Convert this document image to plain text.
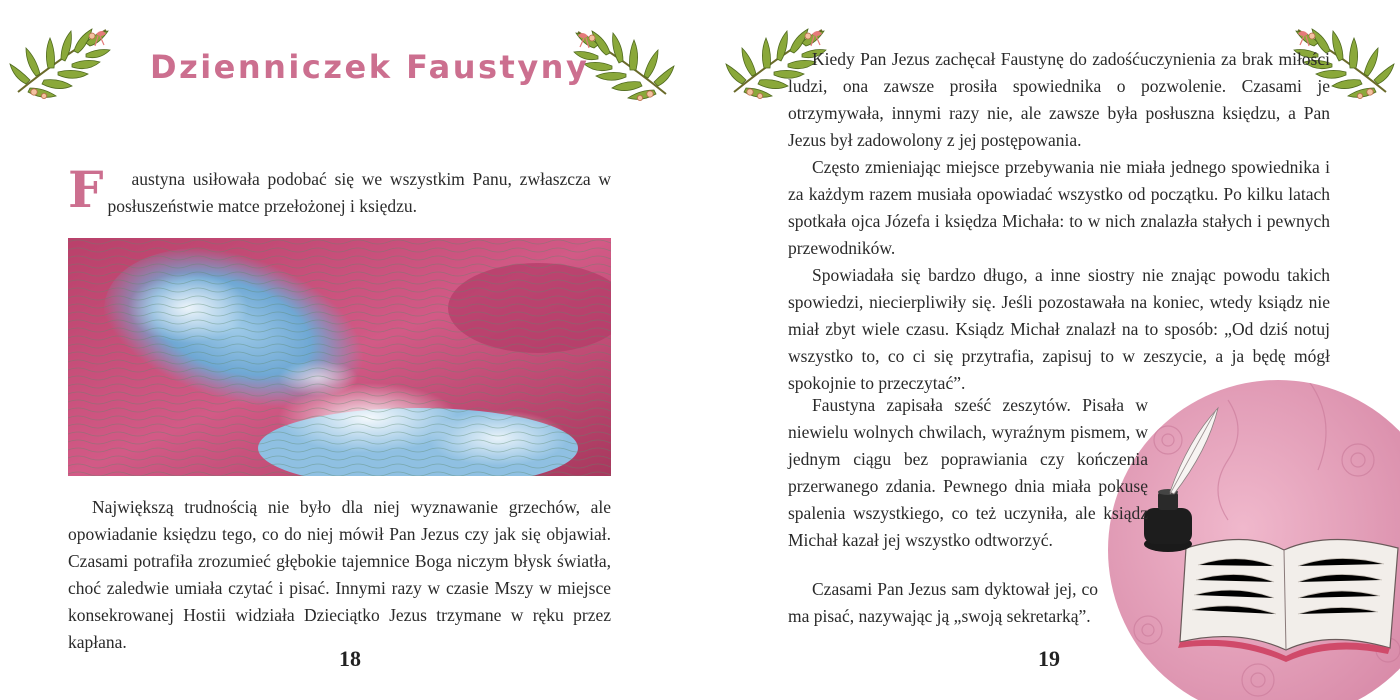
Dzienniczek Faustyny

F austyna usiłowała podobać się we wszystkim Panu, zwłaszcza w posłuszeństwie matce przełożonej i księdzu.

Największą trudnością nie było dla niej wyznawanie grzechów, ale opowiadanie księdzu tego, co do niej mówił Pan Jezus czy jak się objawiał. Czasami potrafiła zrozumieć głębokie tajemnice Boga niczym błysk światła, choć zaledwie umiała czytać i pisać. Innymi razy w czasie Mszy w miejsce konsekrowanej Hostii widziała Dzieciątko Jezus trzymane w ręku przez kapłana.

18

Kiedy Pan Jezus zachęcał Faustynę do zadośćuczynienia za brak miłości ludzi, ona zawsze prosiła spowiednika o pozwolenie. Czasami je otrzymywała, innymi razy nie, ale zawsze była posłuszna księdzu, a Pan Jezus był zadowolony z jej postępowania.

Często zmieniając miejsce przebywania nie miała jednego spowiednika i za każdym razem musiała opowiadać wszystko od początku. Po kilku latach spotkała ojca Józefa i księdza Michała: to w nich znalazła stałych i pewnych przewodników.

Spowiadała się bardzo długo, a inne siostry nie znając powodu takich spowiedzi, niecierpliwiły się. Jeśli pozostawała na koniec, wtedy ksiądz nie miał zbyt wiele czasu. Ksiądz Michał znalazł na to sposób: „Od dziś notuj wszystko to, co ci się przytrafia, zapisuj to w zeszycie, a ja będę mógł spokojnie to przeczytać”.

Faustyna zapisała sześć zeszytów. Pisała w niewielu wolnych chwilach, wyraźnym pismem, w jednym ciągu bez poprawiania czy kończenia przerwanego zdania. Pewnego dnia miała pokusę spalenia wszystkiego, co też uczyniła, ale ksiądz Michał kazał jej wszystko odtworzyć.

Czasami Pan Jezus sam dyktował jej, co ma pisać, nazywając ją „swoją sekretarką”.

19
